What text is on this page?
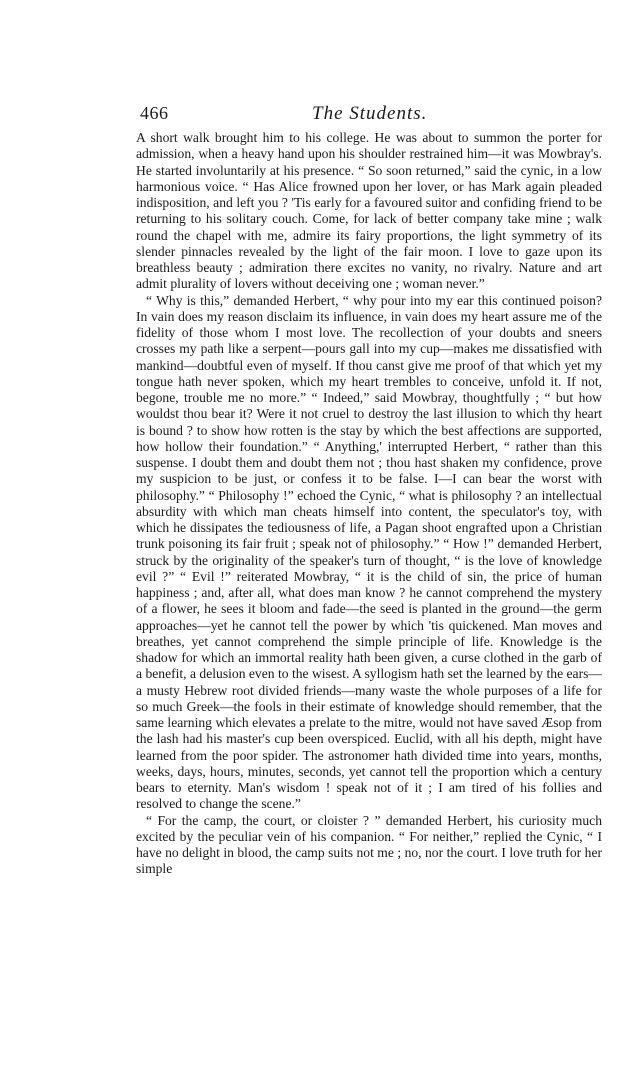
466	The Students.

A short walk brought him to his college. He was about to summon the porter for admission, when a heavy hand upon his shoulder restrained him—it was Mowbray's. He started involuntarily at his presence. “ So soon returned,” said the cynic, in a low harmonious voice. “ Has Alice frowned upon her lover, or has Mark again pleaded indisposition, and left you ? 'Tis early for a favoured suitor and confiding friend to be returning to his solitary couch. Come, for lack of better company take mine ; walk round the chapel with me, admire its fairy proportions, the light symmetry of its slender pinnacles revealed by the light of the fair moon. I love to gaze upon its breathless beauty ; admiration there excites no vanity, no rivalry. Nature and art admit plurality of lovers without deceiving one ; woman never.”

“ Why is this,” demanded Herbert, “ why pour into my ear this continued poison? In vain does my reason disclaim its influence, in vain does my heart assure me of the fidelity of those whom I most love. The recollection of your doubts and sneers crosses my path like a serpent—pours gall into my cup—makes me dissatisfied with mankind—doubtful even of myself. If thou canst give me proof of that which yet my tongue hath never spoken, which my heart trembles to conceive, unfold it. If not, begone, trouble me no more.” “ Indeed,” said Mowbray, thoughtfully ; “ but how wouldst thou bear it? Were it not cruel to destroy the last illusion to which thy heart is bound ? to show how rotten is the stay by which the best affections are supported, how hollow their foundation.” “ Anything,' interrupted Herbert, “ rather than this suspense. I doubt them and doubt them not ; thou hast shaken my confidence, prove my suspicion to be just, or confess it to be false. I—I can bear the worst with philosophy.” “ Philosophy !” echoed the Cynic, “ what is philosophy ? an intellectual absurdity with which man cheats himself into content, the speculator's toy, with which he dissipates the tediousness of life, a Pagan shoot engrafted upon a Christian trunk poisoning its fair fruit ; speak not of philosophy.” “ How !” demanded Herbert, struck by the originality of the speaker's turn of thought, “ is the love of knowledge evil ?” “ Evil !” reiterated Mowbray, “ it is the child of sin, the price of human happiness ; and, after all, what does man know ? he cannot comprehend the mystery of a flower, he sees it bloom and fade—the seed is planted in the ground—the germ approaches—yet he cannot tell the power by which 'tis quickened. Man moves and breathes, yet cannot comprehend the simple principle of life. Knowledge is the shadow for which an immortal reality hath been given, a curse clothed in the garb of a benefit, a delusion even to the wisest. A syllogism hath set the learned by the ears—a musty Hebrew root divided friends—many waste the whole purposes of a life for so much Greek—the fools in their estimate of knowledge should remember, that the same learning which elevates a prelate to the mitre, would not have saved Æsop from the lash had his master's cup been overspiced. Euclid, with all his depth, might have learned from the poor spider. The astronomer hath divided time into years, months, weeks, days, hours, minutes, seconds, yet cannot tell the proportion which a century bears to eternity. Man's wisdom ! speak not of it ; I am tired of his follies and resolved to change the scene.”

“ For the camp, the court, or cloister ? ” demanded Herbert, his curiosity much excited by the peculiar vein of his companion. “ For neither,” replied the Cynic, “ I have no delight in blood, the camp suits not me ; no, nor the court. I love truth for her simple
